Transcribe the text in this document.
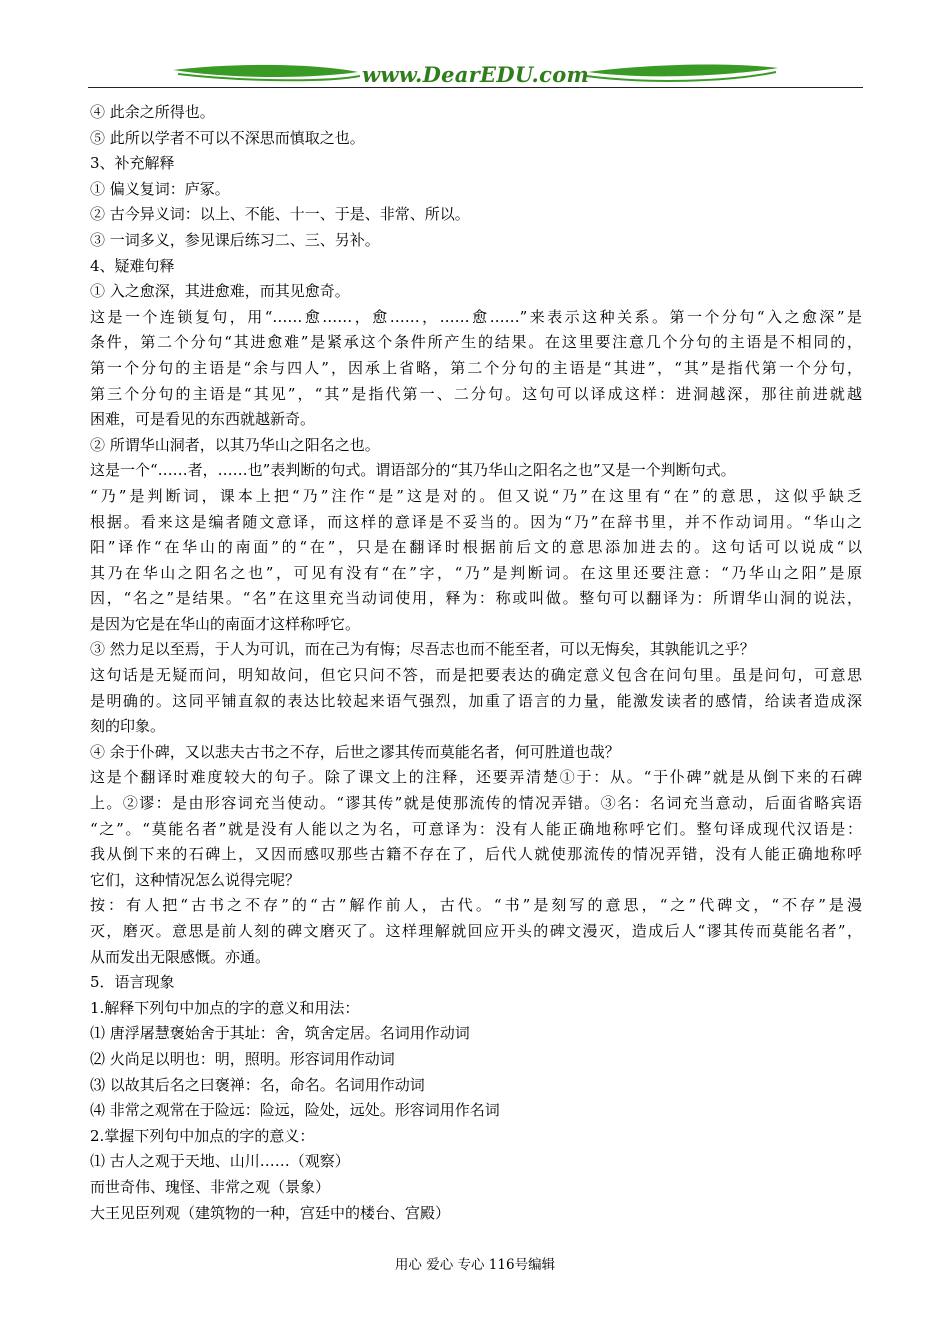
www.DearEDU.com
④ 此余之所得也。
⑤ 此所以学者不可以不深思而慎取之也。
3、补充解释
① 偏义复词：庐冢。
② 古今异义词：以上、不能、十一、于是、非常、所以。
③ 一词多义，参见课后练习二、三、另补。
4、疑难句释
① 入之愈深，其进愈难，而其见愈奇。
这是一个连锁复句，用“……愈……，愈……，……愈……”来表示这种关系。第一个分句“入之愈深”是
条件，第二个分句“其进愈难”是紧承这个条件所产生的结果。在这里要注意几个分句的主语是不相同的，
第一个分句的主语是“余与四人”，因承上省略，第二个分句的主语是“其进”，“其”是指代第一个分句，
第三个分句的主语是“其见”，“其”是指代第一、二分句。这句可以译成这样：进洞越深，那往前进就越
困难，可是看见的东西就越新奇。
② 所谓华山洞者，以其乃华山之阳名之也。
这是一个“……者，……也”表判断的句式。谓语部分的“其乃华山之阳名之也”又是一个判断句式。
“乃”是判断词，课本上把“乃”注作“是”这是对的。但又说“乃”在这里有“在”的意思，这似乎缺乏
根据。看来这是编者随文意译，而这样的意译是不妥当的。因为“乃”在辞书里，并不作动词用。“华山之
阳”译作“在华山的南面”的“在”，只是在翻译时根据前后文的意思添加进去的。这句话可以说成“以
其乃在华山之阳名之也”，可见有没有“在”字，“乃”是判断词。在这里还要注意：“乃华山之阳”是原
因，“名之”是结果。“名”在这里充当动词使用，释为：称或叫做。整句可以翻译为：所谓华山洞的说法，
是因为它是在华山的南面才这样称呼它。
③ 然力足以至焉，于人为可讥，而在己为有悔；尽吾志也而不能至者，可以无悔矣，其孰能讥之乎？
这句话是无疑而问，明知故问，但它只问不答，而是把要表达的确定意义包含在问句里。虽是问句，可意思
是明确的。这同平铺直叙的表达比较起来语气强烈，加重了语言的力量，能激发读者的感情，给读者造成深
刻的印象。
④ 余于仆碑，又以悲夫古书之不存，后世之谬其传而莫能名者，何可胜道也哉？
这是个翻译时难度较大的句子。除了课文上的注释，还要弄清楚①于：从。“于仆碑”就是从倒下来的石碑
上。②谬：是由形容词充当使动。“谬其传”就是使那流传的情况弄错。③名：名词充当意动，后面省略宾语
“之”。“莫能名者”就是没有人能以之为名，可意译为：没有人能正确地称呼它们。整句译成现代汉语是：
我从倒下来的石碑上，又因而感叹那些古籍不存在了，后代人就使那流传的情况弄错，没有人能正确地称呼
它们，这种情况怎么说得完呢？
按：有人把“古书之不存”的“古”解作前人，古代。“书”是刻写的意思，“之”代碑文，“不存”是漫
灭，磨灭。意思是前人刻的碑文磨灭了。这样理解就回应开头的碑文漫灭，造成后人“谬其传而莫能名者”，
从而发出无限感慨。亦通。
5．语言现象
1.解释下列句中加点的字的意义和用法：
⑴ 唐浮屠慧褒始舍于其址：舍，筑舍定居。名词用作动词
⑵ 火尚足以明也：明，照明。形容词用作动词
⑶ 以故其后名之曰褒禅：名，命名。名词用作动词
⑷ 非常之观常在于险远：险远，险处，远处。形容词用作名词
2.掌握下列句中加点的字的意义：
⑴ 古人之观于天地、山川……（观察）
而世奇伟、瑰怪、非常之观（景象）
大王见臣列观（建筑物的一种，宫廷中的楼台、宫殿）
用心 爱心 专心 116号编辑
